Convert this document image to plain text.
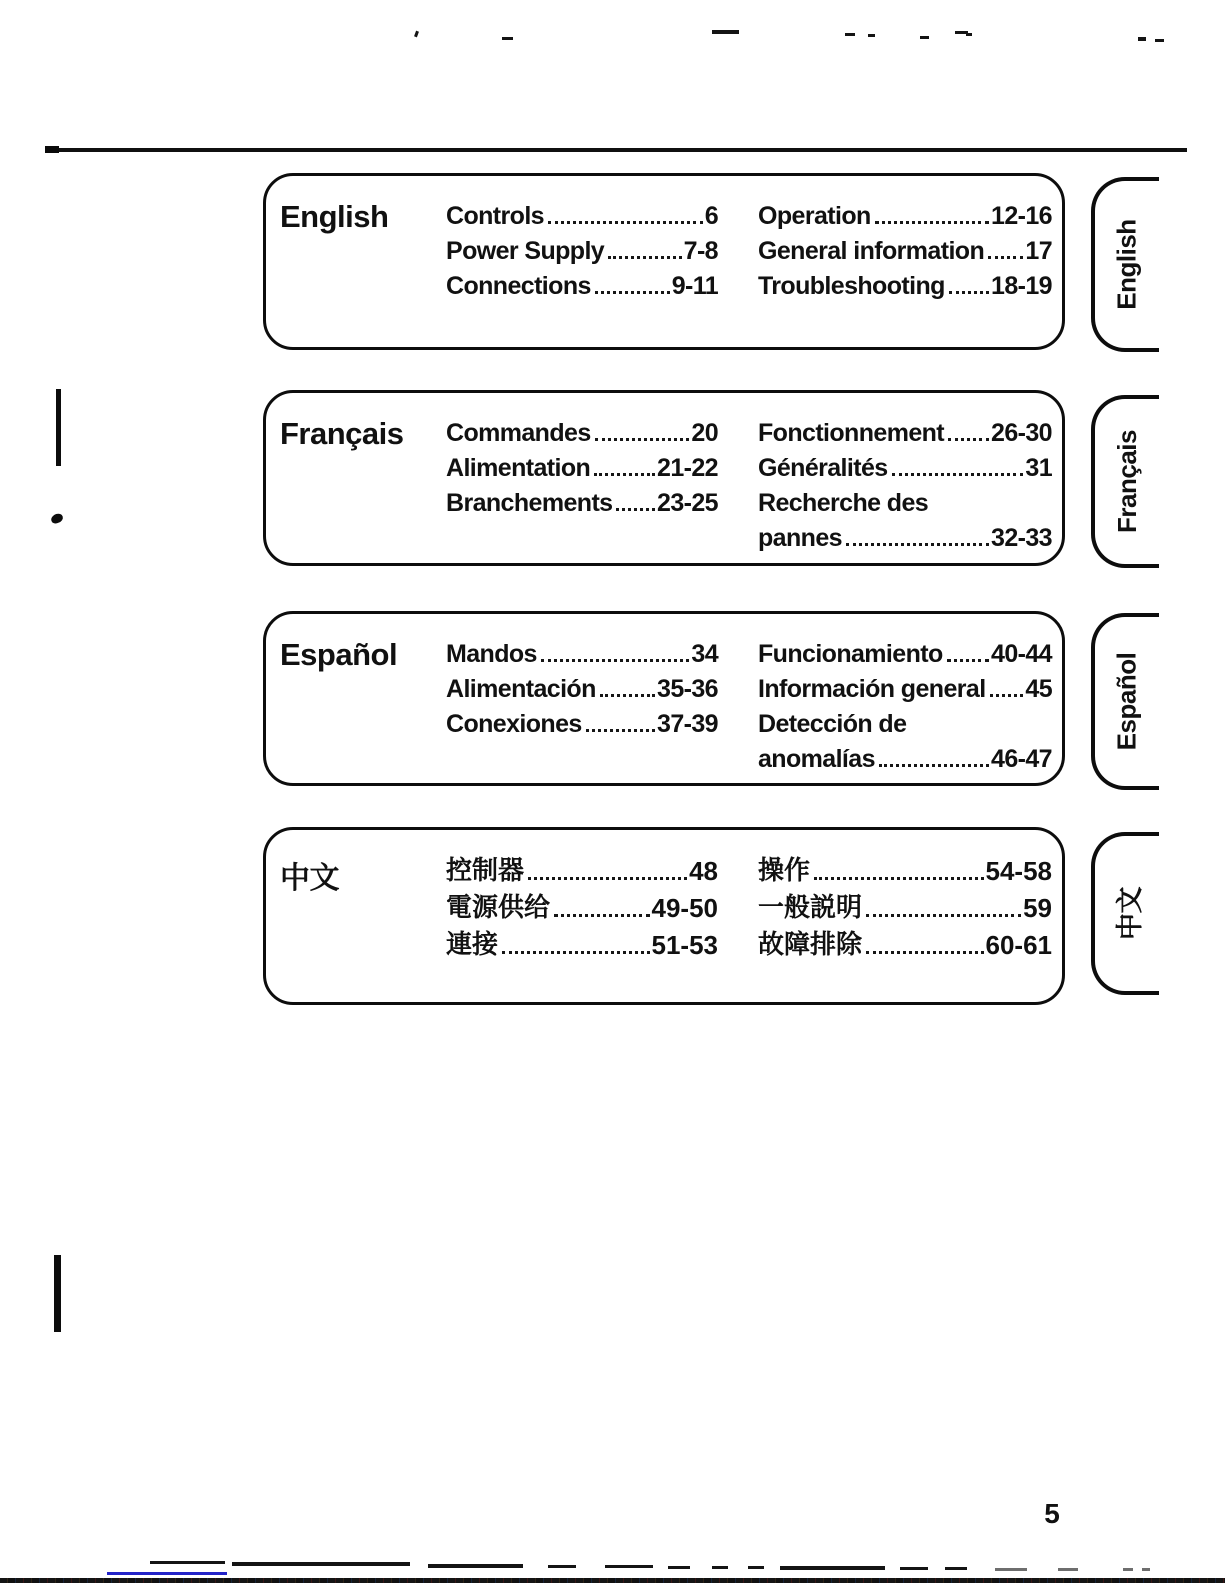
English	Controls	6
Power Supply	7-8
Connections	9-11
Operation	12-16
General information 17
Troubleshooting 18-19
Français	Commandes	20
Alimentation	21-22
Branchements 23-25
Fonctionnement 26-30
Généralités	31
Recherche des
pannes	32-33
Español	Mandos	34
Alimentación 35-36
Conexiones	37-39
Funcionamiento 40-44
Información general 45
Detección de
anomalías	46-47
中文	控制器	48
電源供给	49-50
連接	51-53
操作	54-58
一般説明	59
故障排除	60-61
English
Français
Español
中文
5
